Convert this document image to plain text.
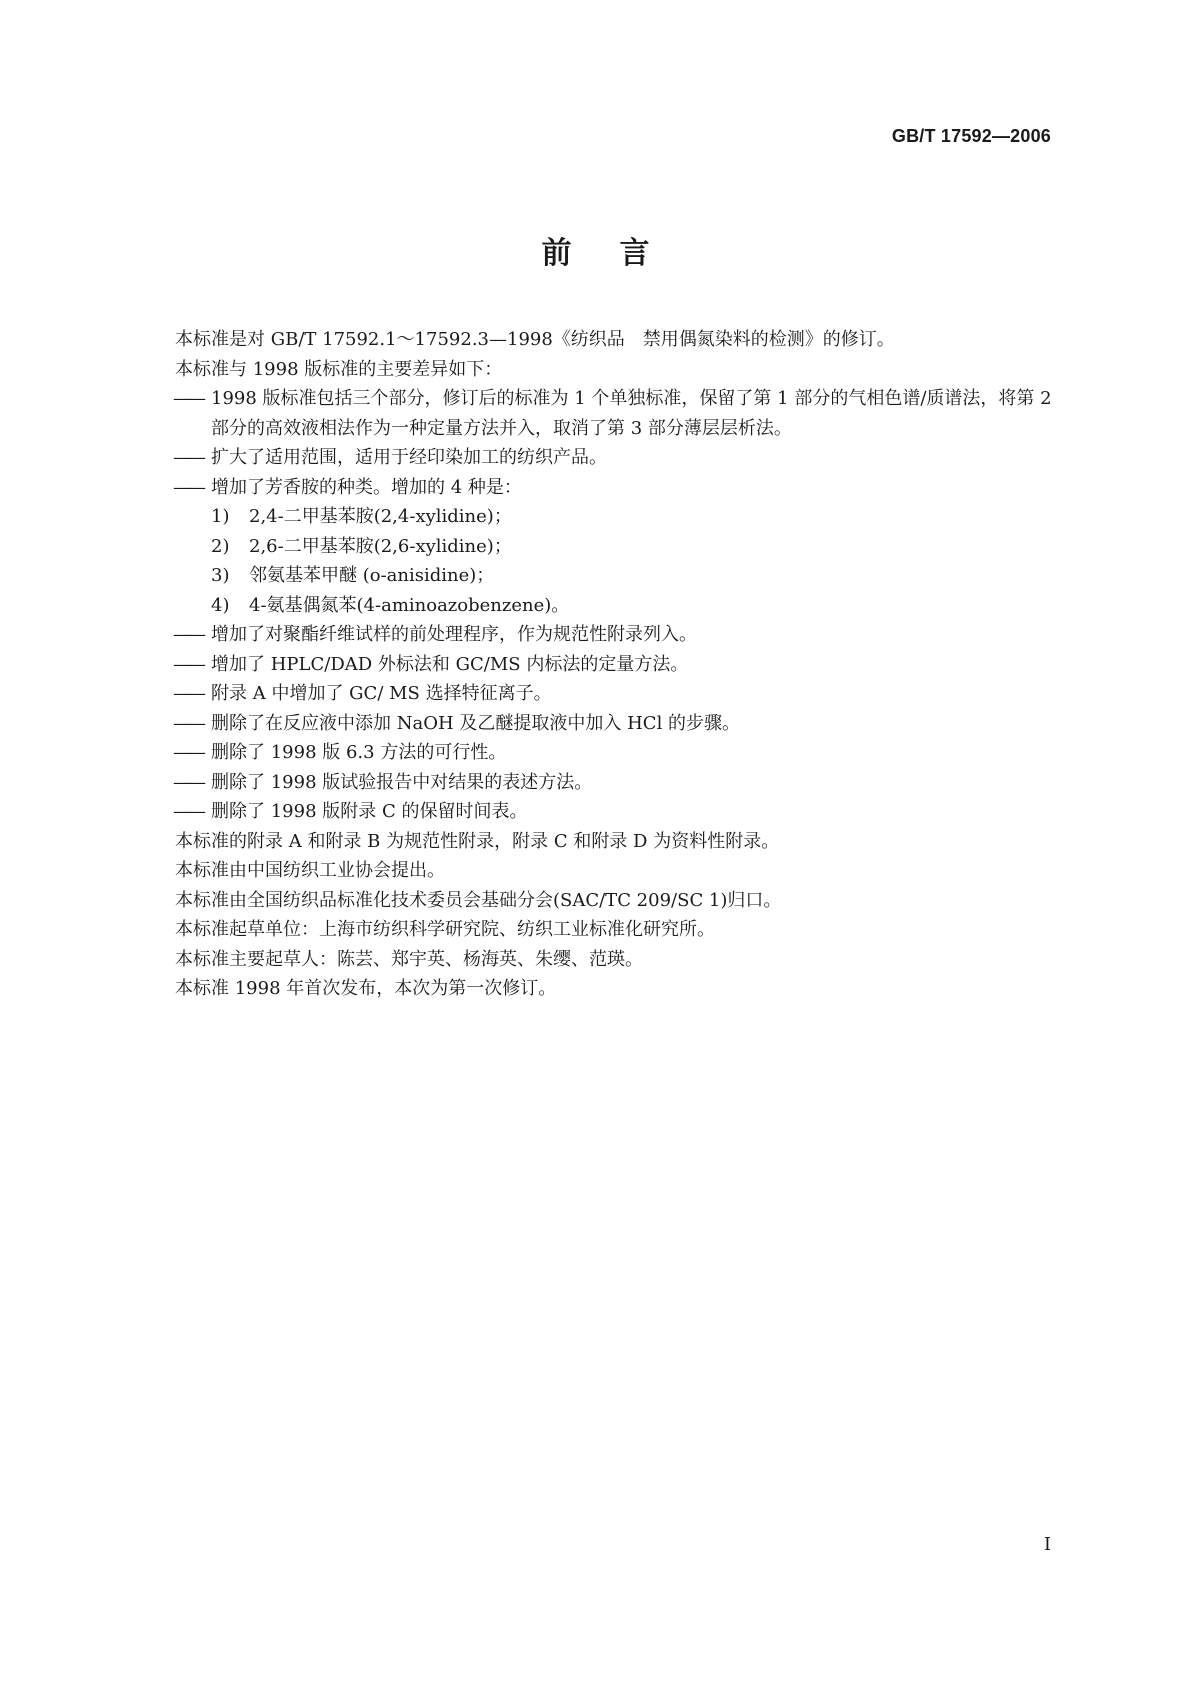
GB/T 17592—2006
前言
本标准是对 GB/T 17592.1～17592.3—1998《纺织品　禁用偶氮染料的检测》的修订。
本标准与 1998 版标准的主要差异如下：
—— 1998 版标准包括三个部分，修订后的标准为 1 个单独标准，保留了第 1 部分的气相色谱/质谱法，将第 2 部分的高效液相法作为一种定量方法并入，取消了第 3 部分薄层层析法。
—— 扩大了适用范围，适用于经印染加工的纺织产品。
—— 增加了芳香胺的种类。增加的 4 种是：
1)	2,4-二甲基苯胺(2,4-xylidine)；
2)	2,6-二甲基苯胺(2,6-xylidine)；
3)	邻氨基苯甲醚 (o-anisidine)；
4)	4-氨基偶氮苯(4-aminoazobenzene)。
—— 增加了对聚酯纤维试样的前处理程序，作为规范性附录列入。
—— 增加了 HPLC/DAD 外标法和 GC/MS 内标法的定量方法。
—— 附录 A 中增加了 GC/ MS 选择特征离子。
—— 删除了在反应液中添加 NaOH 及乙醚提取液中加入 HCl 的步骤。
—— 删除了 1998 版 6.3 方法的可行性。
—— 删除了 1998 版试验报告中对结果的表述方法。
—— 删除了 1998 版附录 C 的保留时间表。
本标准的附录 A 和附录 B 为规范性附录，附录 C 和附录 D 为资料性附录。
本标准由中国纺织工业协会提出。
本标准由全国纺织品标准化技术委员会基础分会(SAC/TC 209/SC 1)归口。
本标准起草单位：上海市纺织科学研究院、纺织工业标准化研究所。
本标准主要起草人：陈芸、郑宇英、杨海英、朱缨、范瑛。
本标准 1998 年首次发布，本次为第一次修订。
I
